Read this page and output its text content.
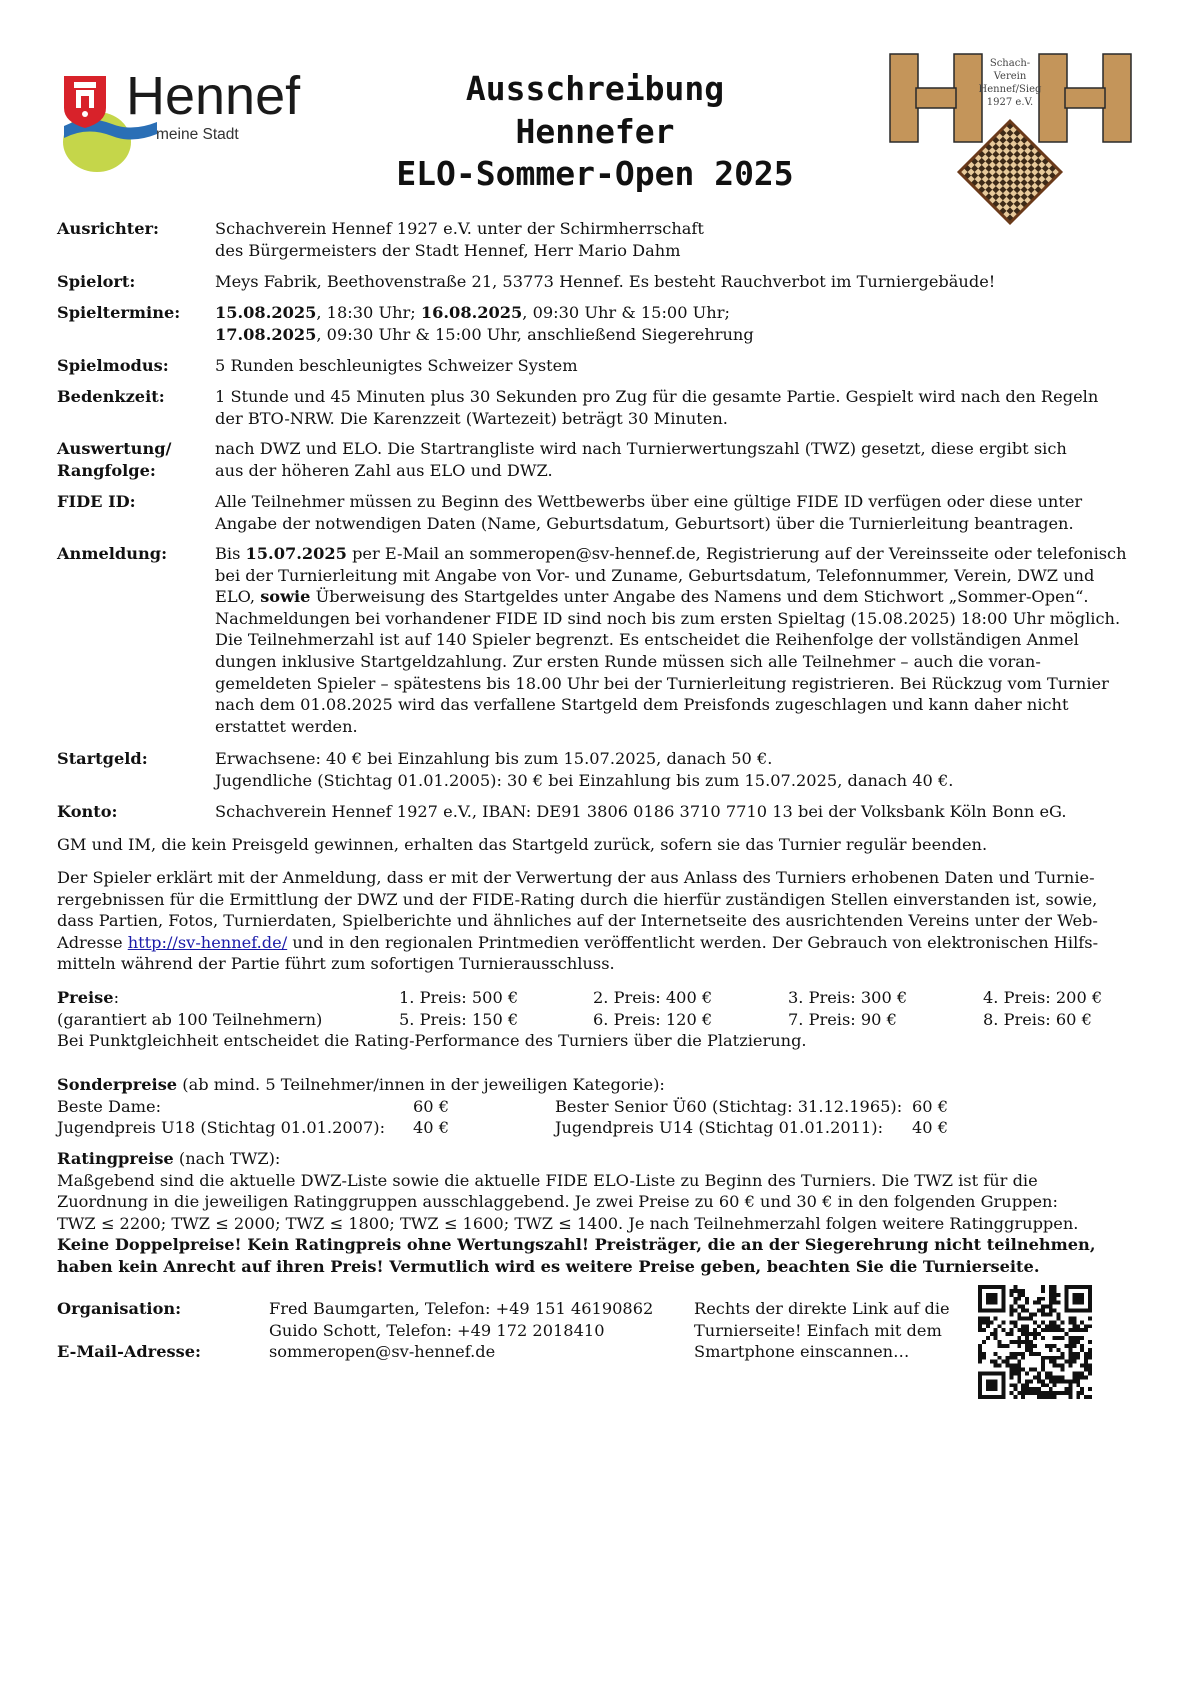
Hennef
meine Stadt
Ausschreibung
Hennefer
ELO-Sommer-Open 2025
Schach-
Verein
Hennef/Sieg
1927 e.V.
Ausrichter:	Schachverein Hennef 1927 e.V. unter der Schirmherrschaft
des Bürgermeisters der Stadt Hennef, Herr Mario Dahm
Spielort:	Meys Fabrik, Beethovenstraße 21, 53773 Hennef. Es besteht Rauchverbot im Turniergebäude!
Spieltermine:	15.08.2025, 18:30 Uhr; 16.08.2025, 09:30 Uhr & 15:00 Uhr;
17.08.2025, 09:30 Uhr & 15:00 Uhr, anschließend Siegerehrung
Spielmodus:	5 Runden beschleunigtes Schweizer System
Bedenkzeit:	1 Stunde und 45 Minuten plus 30 Sekunden pro Zug für die gesamte Partie. Gespielt wird nach den Regeln
der BTO-NRW. Die Karenzzeit (Wartezeit) beträgt 30 Minuten.
Auswertung/
Rangfolge:
nach DWZ und ELO. Die Startrangliste wird nach Turnierwertungszahl (TWZ) gesetzt, diese ergibt sich
aus der höheren Zahl aus ELO und DWZ.
FIDE ID:	Alle Teilnehmer müssen zu Beginn des Wettbewerbs über eine gültige FIDE ID verfügen oder diese unter
Angabe der notwendigen Daten (Name, Geburtsdatum, Geburtsort) über die Turnierleitung beantragen.
Anmeldung:	Bis 15.07.2025 per E-Mail an sommeropen@sv-hennef.de, Registrierung auf der Vereinsseite oder telefonisch
bei der Turnierleitung mit Angabe von Vor- und Zuname, Geburtsdatum, Telefonnummer, Verein, DWZ und
ELO, sowie Überweisung des Startgeldes unter Angabe des Namens und dem Stichwort „Sommer-Open“.
Nachmeldungen bei vorhandener FIDE ID sind noch bis zum ersten Spieltag (15.08.2025) 18:00 Uhr möglich.
Die Teilnehmerzahl ist auf 140 Spieler begrenzt. Es entscheidet die Reihenfolge der vollständigen Anmel
dungen inklusive Startgeldzahlung. Zur ersten Runde müssen sich alle Teilnehmer – auch die voran-
gemeldeten Spieler – spätestens bis 18.00 Uhr bei der Turnierleitung registrieren. Bei Rückzug vom Turnier
nach dem 01.08.2025 wird das verfallene Startgeld dem Preisfonds zugeschlagen und kann daher nicht
erstattet werden.
Startgeld:	Erwachsene: 40 € bei Einzahlung bis zum 15.07.2025, danach 50 €.
Jugendliche (Stichtag 01.01.2005): 30 € bei Einzahlung bis zum 15.07.2025, danach 40 €.
Konto:	Schachverein Hennef 1927 e.V., IBAN: DE91 3806 0186 3710 7710 13 bei der Volksbank Köln Bonn eG.
GM und IM, die kein Preisgeld gewinnen, erhalten das Startgeld zurück, sofern sie das Turnier regulär beenden.
Der Spieler erklärt mit der Anmeldung, dass er mit der Verwertung der aus Anlass des Turniers erhobenen Daten und Turnie-
rergebnissen für die Ermittlung der DWZ und der FIDE-Rating durch die hierfür zuständigen Stellen einverstanden ist, sowie,
dass Partien, Fotos, Turnierdaten, Spielberichte und ähnliches auf der Internetseite des ausrichtenden Vereins unter der Web-
Adresse http://sv-hennef.de/ und in den regionalen Printmedien veröffentlicht werden. Der Gebrauch von elektronischen Hilfs-
mitteln während der Partie führt zum sofortigen Turnierausschluss.
Preise:
(garantiert ab 100 Teilnehmern)
1. Preis: 500 €	2. Preis: 400 €	3. Preis: 300 €	4. Preis: 200 €
5. Preis: 150 €	6. Preis: 120 €	7. Preis: 90 €	8. Preis: 60 €
Bei Punktgleichheit entscheidet die Rating-Performance des Turniers über die Platzierung.
Sonderpreise (ab mind. 5 Teilnehmer/innen in der jeweiligen Kategorie):
Beste Dame:	60 €	Bester Senior Ü60 (Stichtag: 31.12.1965): 60 €
Jugendpreis U18 (Stichtag 01.01.2007): 40 €	Jugendpreis U14 (Stichtag 01.01.2011): 40 €
Ratingpreise (nach TWZ):
Maßgebend sind die aktuelle DWZ-Liste sowie die aktuelle FIDE ELO-Liste zu Beginn des Turniers. Die TWZ ist für die
Zuordnung in die jeweiligen Ratinggruppen ausschlaggebend. Je zwei Preise zu 60 € und 30 € in den folgenden Gruppen:
TWZ ≤ 2200; TWZ ≤ 2000; TWZ ≤ 1800; TWZ ≤ 1600; TWZ ≤ 1400. Je nach Teilnehmerzahl folgen weitere Ratinggruppen.
Keine Doppelpreise! Kein Ratingpreis ohne Wertungszahl! Preisträger, die an der Siegerehrung nicht teilnehmen,
haben kein Anrecht auf ihren Preis! Vermutlich wird es weitere Preise geben, beachten Sie die Turnierseite.
Organisation:	Fred Baumgarten, Telefon: +49 151 46190862
Guido Schott, Telefon: +49 172 2018410
E-Mail-Adresse:	sommeropen@sv-hennef.de
Rechts der direkte Link auf die
Turnierseite! Einfach mit dem
Smartphone einscannen…
